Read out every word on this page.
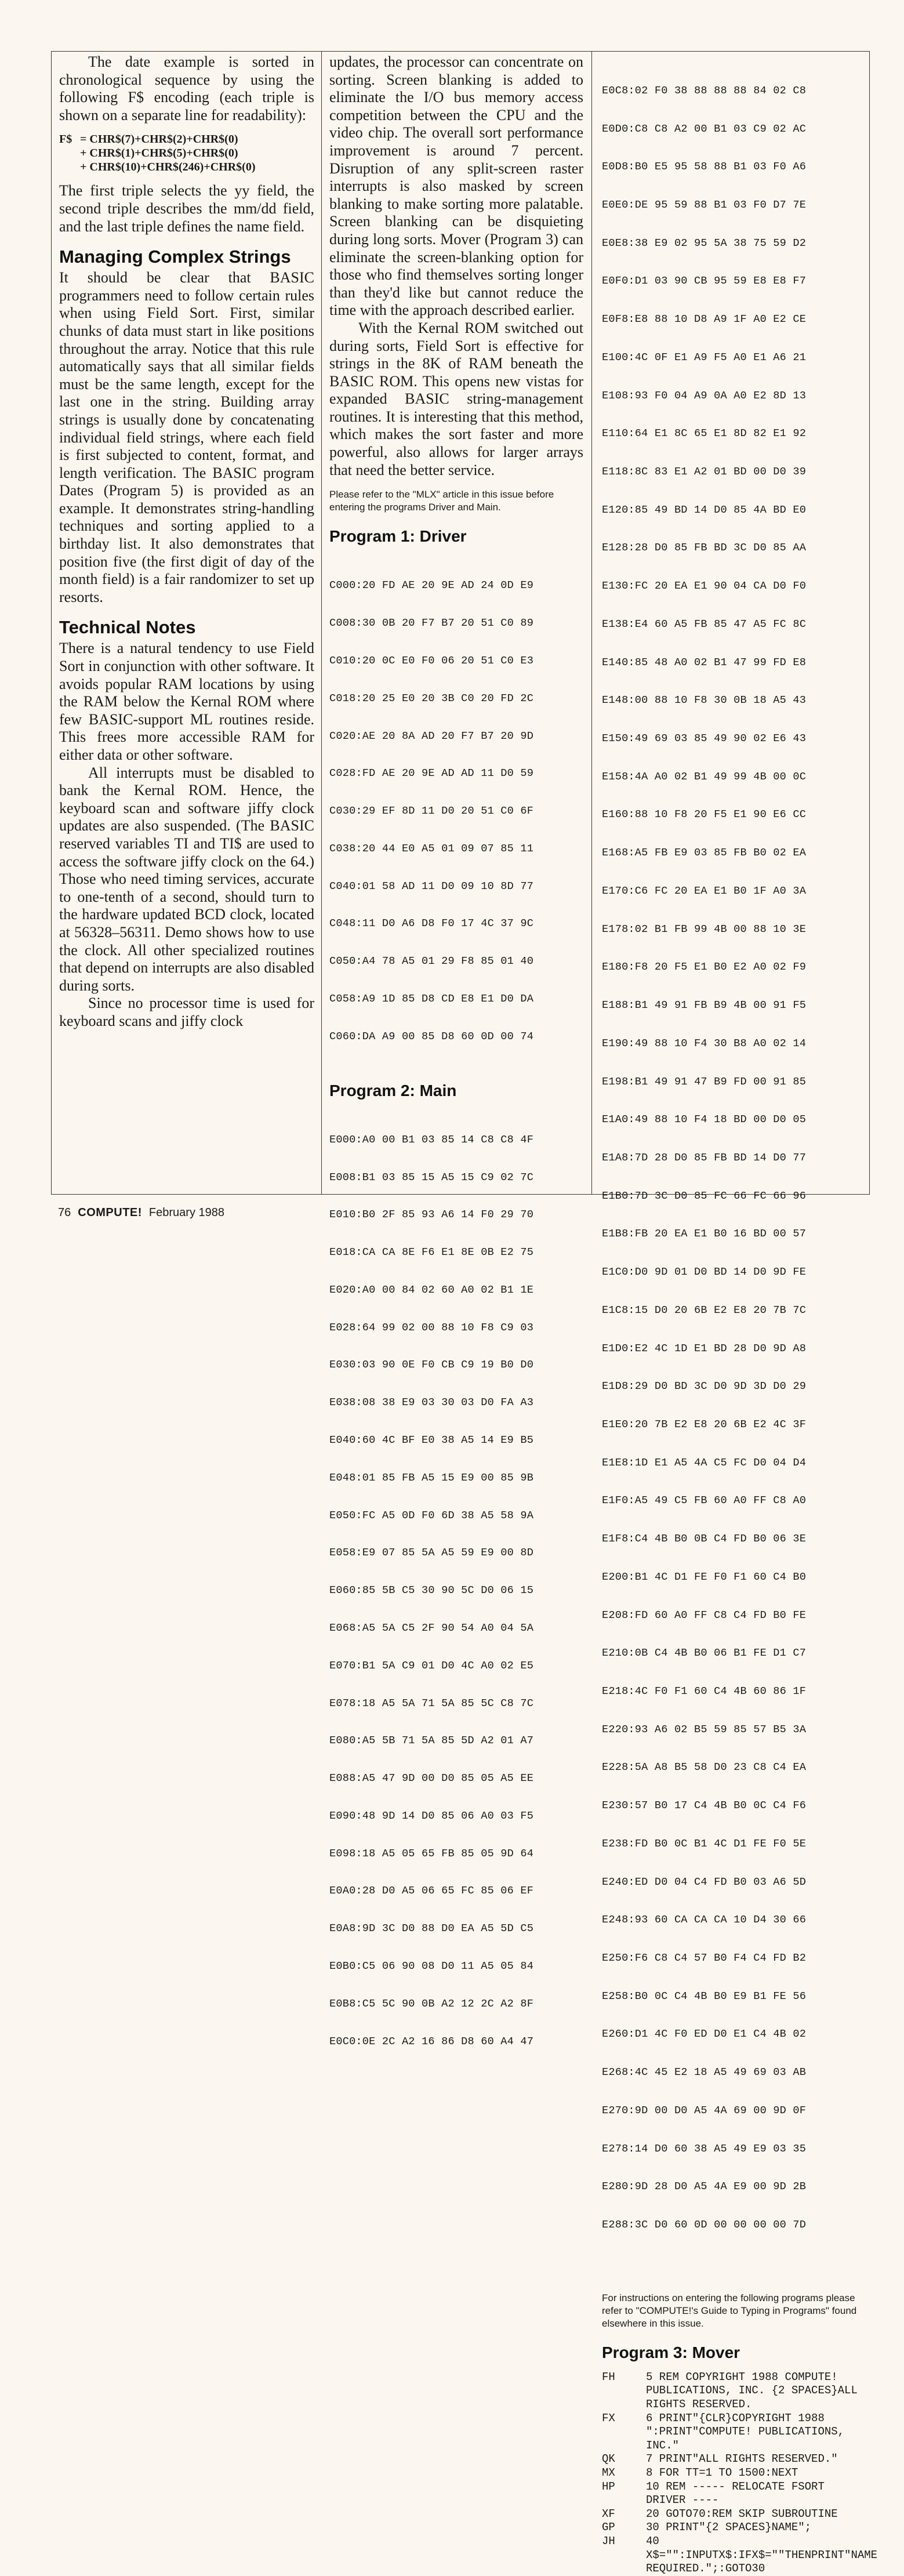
The date example is sorted in chronological sequence by using the following F$ encoding (each triple is shown on a separate line for readability):

F$ = CHR$(7)+CHR$(2)+CHR$(0)
+ CHR$(1)+CHR$(5)+CHR$(0)
+ CHR$(10)+CHR$(246)+CHR$(0)

The first triple selects the yy field, the second triple describes the mm/dd field, and the last triple defines the name field.

Managing Complex Strings

It should be clear that BASIC programmers need to follow certain rules when using Field Sort. First, similar chunks of data must start in like positions throughout the array. Notice that this rule automatically says that all similar fields must be the same length, except for the last one in the string. Building array strings is usually done by concatenating individual field strings, where each field is first subjected to content, format, and length verification. The BASIC program Dates (Program 5) is provided as an example. It demonstrates string-handling techniques and sorting applied to a birthday list. It also demonstrates that position five (the first digit of day of the month field) is a fair randomizer to set up resorts.

Technical Notes

There is a natural tendency to use Field Sort in conjunction with other software. It avoids popular RAM locations by using the RAM below the Kernal ROM where few BASIC-support ML routines reside. This frees more accessible RAM for either data or other software.

All interrupts must be disabled to bank the Kernal ROM. Hence, the keyboard scan and software jiffy clock updates are also suspended. (The BASIC reserved variables TI and TI$ are used to access the software jiffy clock on the 64.) Those who need timing services, accurate to one-tenth of a second, should turn to the hardware updated BCD clock, located at 56328–56311. Demo shows how to use the clock. All other specialized routines that depend on interrupts are also disabled during sorts.

Since no processor time is used for keyboard scans and jiffy clock

updates, the processor can concentrate on sorting. Screen blanking is added to eliminate the I/O bus memory access competition between the CPU and the video chip. The overall sort performance improvement is around 7 percent. Disruption of any split-screen raster interrupts is also masked by screen blanking to make sorting more palatable. Screen blanking can be disquieting during long sorts. Mover (Program 3) can eliminate the screen-blanking option for those who find themselves sorting longer than they'd like but cannot reduce the time with the approach described earlier.

With the Kernal ROM switched out during sorts, Field Sort is effective for strings in the 8K of RAM beneath the BASIC ROM. This opens new vistas for expanded BASIC string-management routines. It is interesting that this method, which makes the sort faster and more powerful, also allows for larger arrays that need the better service.

Please refer to the "MLX" article in this issue before entering the programs Driver and Main.

Program 1: Driver

C000:20 FD AE 20 9E AD 24 0D E9

C008:30 0B 20 F7 B7 20 51 C0 89

C010:20 0C E0 F0 06 20 51 C0 E3

C018:20 25 E0 20 3B C0 20 FD 2C

C020:AE 20 8A AD 20 F7 B7 20 9D

C028:FD AE 20 9E AD AD 11 D0 59

C030:29 EF 8D 11 D0 20 51 C0 6F

C038:20 44 E0 A5 01 09 07 85 11

C040:01 58 AD 11 D0 09 10 8D 77

C048:11 D0 A6 D8 F0 17 4C 37 9C

C050:A4 78 A5 01 29 F8 85 01 40

C058:A9 1D 85 D8 CD E8 E1 D0 DA

C060:DA A9 00 85 D8 60 0D 00 74

Program 2: Main

E000:A0 00 B1 03 85 14 C8 C8 4F

E008:B1 03 85 15 A5 15 C9 02 7C

E010:B0 2F 85 93 A6 14 F0 29 70

E018:CA CA 8E F6 E1 8E 0B E2 75

E020:A0 00 84 02 60 A0 02 B1 1E

E028:64 99 02 00 88 10 F8 C9 03

E030:03 90 0E F0 CB C9 19 B0 D0

E038:08 38 E9 03 30 03 D0 FA A3

E040:60 4C BF E0 38 A5 14 E9 B5

E048:01 85 FB A5 15 E9 00 85 9B

E050:FC A5 0D F0 6D 38 A5 58 9A

E058:E9 07 85 5A A5 59 E9 00 8D

E060:85 5B C5 30 90 5C D0 06 15

E068:A5 5A C5 2F 90 54 A0 04 5A

E070:B1 5A C9 01 D0 4C A0 02 E5

E078:18 A5 5A 71 5A 85 5C C8 7C

E080:A5 5B 71 5A 85 5D A2 01 A7

E088:A5 47 9D 00 D0 85 05 A5 EE

E090:48 9D 14 D0 85 06 A0 03 F5

E098:18 A5 05 65 FB 85 05 9D 64

E0A0:28 D0 A5 06 65 FC 85 06 EF

E0A8:9D 3C D0 88 D0 EA A5 5D C5

E0B0:C5 06 90 08 D0 11 A5 05 84

E0B8:C5 5C 90 0B A2 12 2C A2 8F

E0C0:0E 2C A2 16 86 D8 60 A4 47

E0C8:02 F0 38 88 88 88 84 02 C8

E0D0:C8 C8 A2 00 B1 03 C9 02 AC

E0D8:B0 E5 95 58 88 B1 03 F0 A6

E0E0:DE 95 59 88 B1 03 F0 D7 7E

E0E8:38 E9 02 95 5A 38 75 59 D2

E0F0:D1 03 90 CB 95 59 E8 E8 F7

E0F8:E8 88 10 D8 A9 1F A0 E2 CE

E100:4C 0F E1 A9 F5 A0 E1 A6 21

E108:93 F0 04 A9 0A A0 E2 8D 13

E110:64 E1 8C 65 E1 8D 82 E1 92

E118:8C 83 E1 A2 01 BD 00 D0 39

E120:85 49 BD 14 D0 85 4A BD E0

E128:28 D0 85 FB BD 3C D0 85 AA

E130:FC 20 EA E1 90 04 CA D0 F0

E138:E4 60 A5 FB 85 47 A5 FC 8C

E140:85 48 A0 02 B1 47 99 FD E8

E148:00 88 10 F8 30 0B 18 A5 43

E150:49 69 03 85 49 90 02 E6 43

E158:4A A0 02 B1 49 99 4B 00 0C

E160:88 10 F8 20 F5 E1 90 E6 CC

E168:A5 FB E9 03 85 FB B0 02 EA

E170:C6 FC 20 EA E1 B0 1F A0 3A

E178:02 B1 FB 99 4B 00 88 10 3E

E180:F8 20 F5 E1 B0 E2 A0 02 F9

E188:B1 49 91 FB B9 4B 00 91 F5

E190:49 88 10 F4 30 B8 A0 02 14

E198:B1 49 91 47 B9 FD 00 91 85

E1A0:49 88 10 F4 18 BD 00 D0 05

E1A8:7D 28 D0 85 FB BD 14 D0 77

E1B0:7D 3C D0 85 FC 66 FC 66 96

E1B8:FB 20 EA E1 B0 16 BD 00 57

E1C0:D0 9D 01 D0 BD 14 D0 9D FE

E1C8:15 D0 20 6B E2 E8 20 7B 7C

E1D0:E2 4C 1D E1 BD 28 D0 9D A8

E1D8:29 D0 BD 3C D0 9D 3D D0 29

E1E0:20 7B E2 E8 20 6B E2 4C 3F

E1E8:1D E1 A5 4A C5 FC D0 04 D4

E1F0:A5 49 C5 FB 60 A0 FF C8 A0

E1F8:C4 4B B0 0B C4 FD B0 06 3E

E200:B1 4C D1 FE F0 F1 60 C4 B0

E208:FD 60 A0 FF C8 C4 FD B0 FE

E210:0B C4 4B B0 06 B1 FE D1 C7

E218:4C F0 F1 60 C4 4B 60 86 1F

E220:93 A6 02 B5 59 85 57 B5 3A

E228:5A A8 B5 58 D0 23 C8 C4 EA

E230:57 B0 17 C4 4B B0 0C C4 F6

E238:FD B0 0C B1 4C D1 FE F0 5E

E240:ED D0 04 C4 FD B0 03 A6 5D

E248:93 60 CA CA CA 10 D4 30 66

E250:F6 C8 C4 57 B0 F4 C4 FD B2

E258:B0 0C C4 4B B0 E9 B1 FE 56

E260:D1 4C F0 ED D0 E1 C4 4B 02

E268:4C 45 E2 18 A5 49 69 03 AB

E270:9D 00 D0 A5 4A 69 00 9D 0F

E278:14 D0 60 38 A5 49 E9 03 35

E280:9D 28 D0 A5 4A E9 00 9D 2B

E288:3C D0 60 0D 00 00 00 00 7D

For instructions on entering the following programs please refer to "COMPUTE!'s Guide to Typing in Programs" found elsewhere in this issue.

Program 3: Mover
FH	5 REM COPYRIGHT 1988 COMPUTE! PUBLICATIONS, INC. {2 SPACES}ALL RIGHTS RESERVED.
FX	6 PRINT"{CLR}COPYRIGHT 1988 ":PRINT"COMPUTE! PUBLICATIONS, INC."
QK	7 PRINT"ALL RIGHTS RESERVED."
MX	8 FOR TT=1 TO 1500:NEXT
HP	10 REM ----- RELOCATE FSORT DRIVER ----
XF	20 GOTO70:REM SKIP SUBROUTINE
GP	30 PRINT"{2 SPACES}NAME";
JH	40 X$="":INPUTX$:IFX$=""THENPRINT"NAME REQUIRED.";:GOTO30
76 COMPUTE! February 1988
